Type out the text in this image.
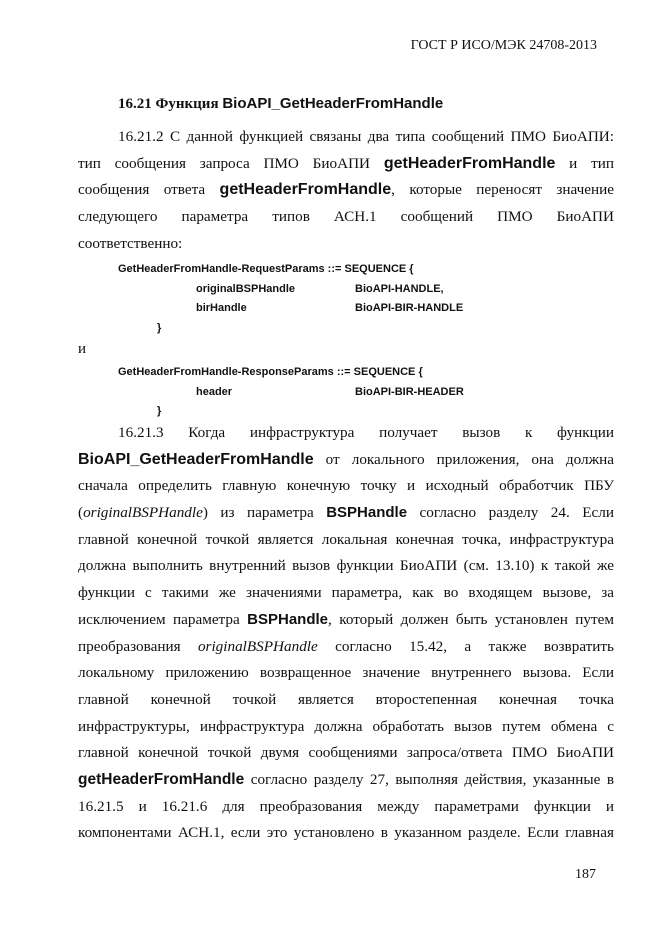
ГОСТ Р ИСО/МЭК 24708-2013
16.21 Функция BioAPI_GetHeaderFromHandle
16.21.2 С данной функцией связаны два типа сообщений ПМО БиоАПИ:
тип сообщения запроса ПМО БиоАПИ getHeaderFromHandle и тип
сообщения ответа getHeaderFromHandle, которые переносят значение
следующего параметра типов АСН.1 сообщений ПМО БиоАПИ
соответственно:
GetHeaderFromHandle-RequestParams ::= SEQUENCE {
originalBSPHandle	BioAPI-HANDLE,
birHandle	BioAPI-BIR-HANDLE
}
и
GetHeaderFromHandle-ResponseParams ::= SEQUENCE {
header	BioAPI-BIR-HEADER
}
16.21.3 Когда инфраструктура получает вызов к функции
BioAPI_GetHeaderFromHandle от локального приложения, она должна
сначала определить главную конечную точку и исходный обработчик ПБУ
(originalBSPHandle) из параметра BSPHandle согласно разделу 24. Если
главной конечной точкой является локальная конечная точка, инфраструктура
должна выполнить внутренний вызов функции БиоАПИ (см. 13.10) к такой же
функции с такими же значениями параметра, как во входящем вызове, за
исключением параметра BSPHandle, который должен быть установлен путем
преобразования originalBSPHandle согласно 15.42, а также возвратить
локальному приложению возвращенное значение внутреннего вызова. Если
главной конечной точкой является второстепенная конечная точка
инфраструктуры, инфраструктура должна обработать вызов путем обмена с
главной конечной точкой двумя сообщениями запроса/ответа ПМО БиоАПИ
getHeaderFromHandle согласно разделу 27, выполняя действия, указанные в
16.21.5 и 16.21.6 для преобразования между параметрами функции и
компонентами АСН.1, если это установлено в указанном разделе. Если главная
187
